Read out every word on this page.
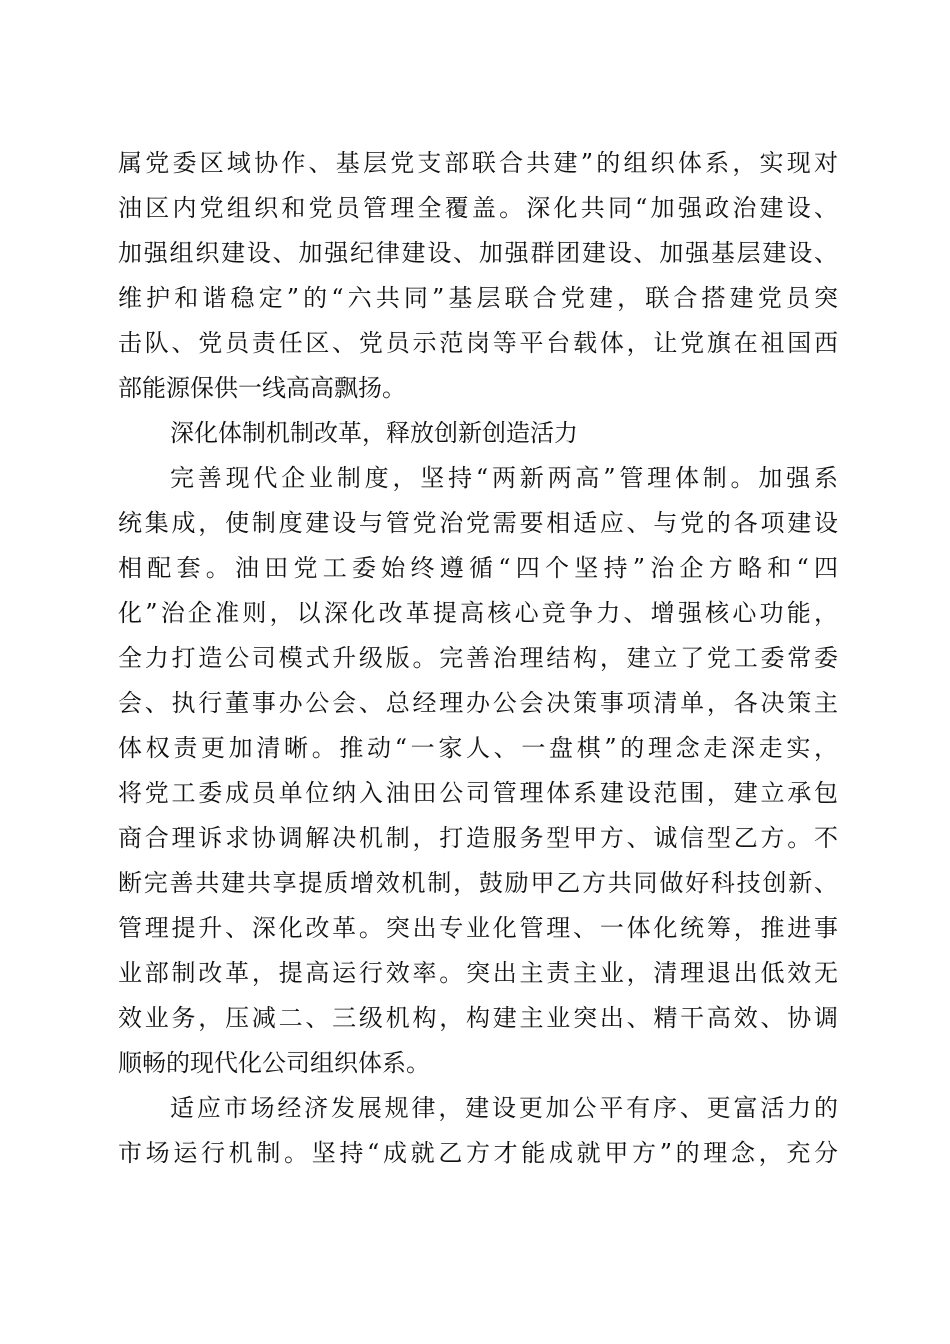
属党委区域协作、基层党支部联合共建”的组织体系，实现对
油区内党组织和党员管理全覆盖。深化共同“加强政治建设、
加强组织建设、加强纪律建设、加强群团建设、加强基层建设、
维护和谐稳定”的“六共同”基层联合党建，联合搭建党员突
击队、党员责任区、党员示范岗等平台载体，让党旗在祖国西
部能源保供一线高高飘扬。
深化体制机制改革，释放创新创造活力
完善现代企业制度，坚持“两新两高”管理体制。加强系
统集成，使制度建设与管党治党需要相适应、与党的各项建设
相配套。油田党工委始终遵循“四个坚持”治企方略和“四
化”治企准则，以深化改革提高核心竞争力、增强核心功能，
全力打造公司模式升级版。完善治理结构，建立了党工委常委
会、执行董事办公会、总经理办公会决策事项清单，各决策主
体权责更加清晰。推动“一家人、一盘棋”的理念走深走实，
将党工委成员单位纳入油田公司管理体系建设范围，建立承包
商合理诉求协调解决机制，打造服务型甲方、诚信型乙方。不
断完善共建共享提质增效机制，鼓励甲乙方共同做好科技创新、
管理提升、深化改革。突出专业化管理、一体化统筹，推进事
业部制改革，提高运行效率。突出主责主业，清理退出低效无
效业务，压减二、三级机构，构建主业突出、精干高效、协调
顺畅的现代化公司组织体系。
适应市场经济发展规律，建设更加公平有序、更富活力的
市场运行机制。坚持“成就乙方才能成就甲方”的理念，充分
